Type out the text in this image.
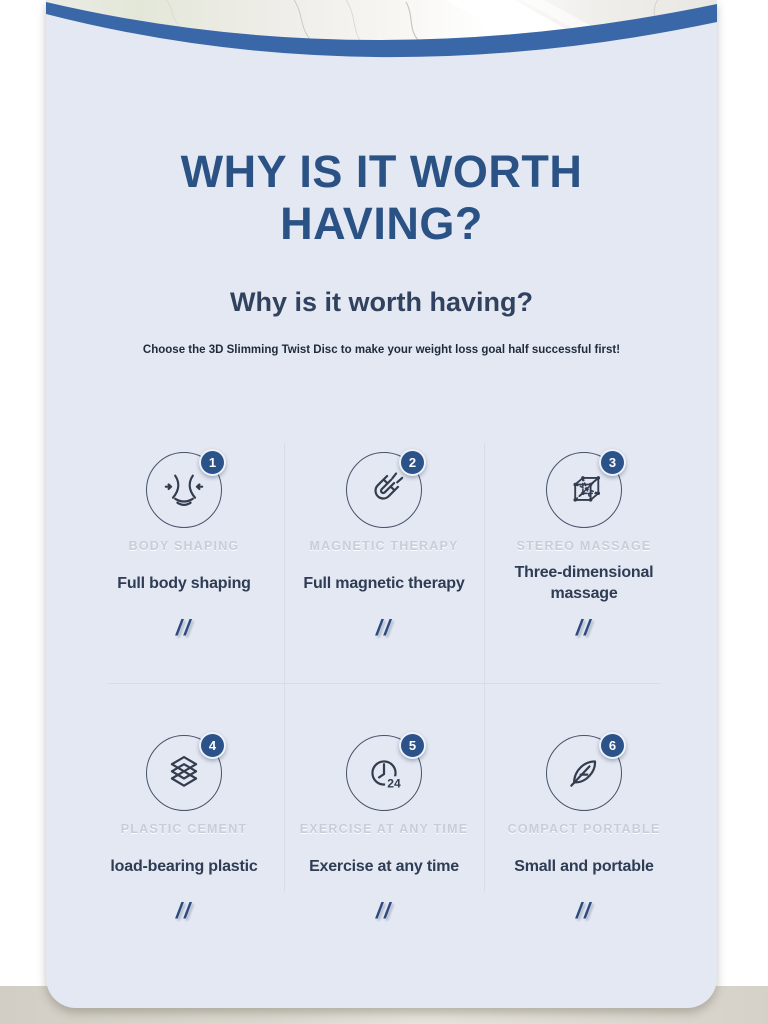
WHY IS IT WORTH
HAVING?
Why is it worth having?

Choose the 3D Slimming Twist Disc to make your weight loss goal half successful first!

1
BODY SHAPING
Full body shaping
//
2
MAGNETIC THERAPY
Full magnetic therapy
//
3
STEREO MASSAGE
Three-dimensional massage
//
4
PLASTIC CEMENT
load-bearing plastic
//
24
5
EXERCISE AT ANY TIME
Exercise at any time
//
6
COMPACT PORTABLE
Small and portable
//
